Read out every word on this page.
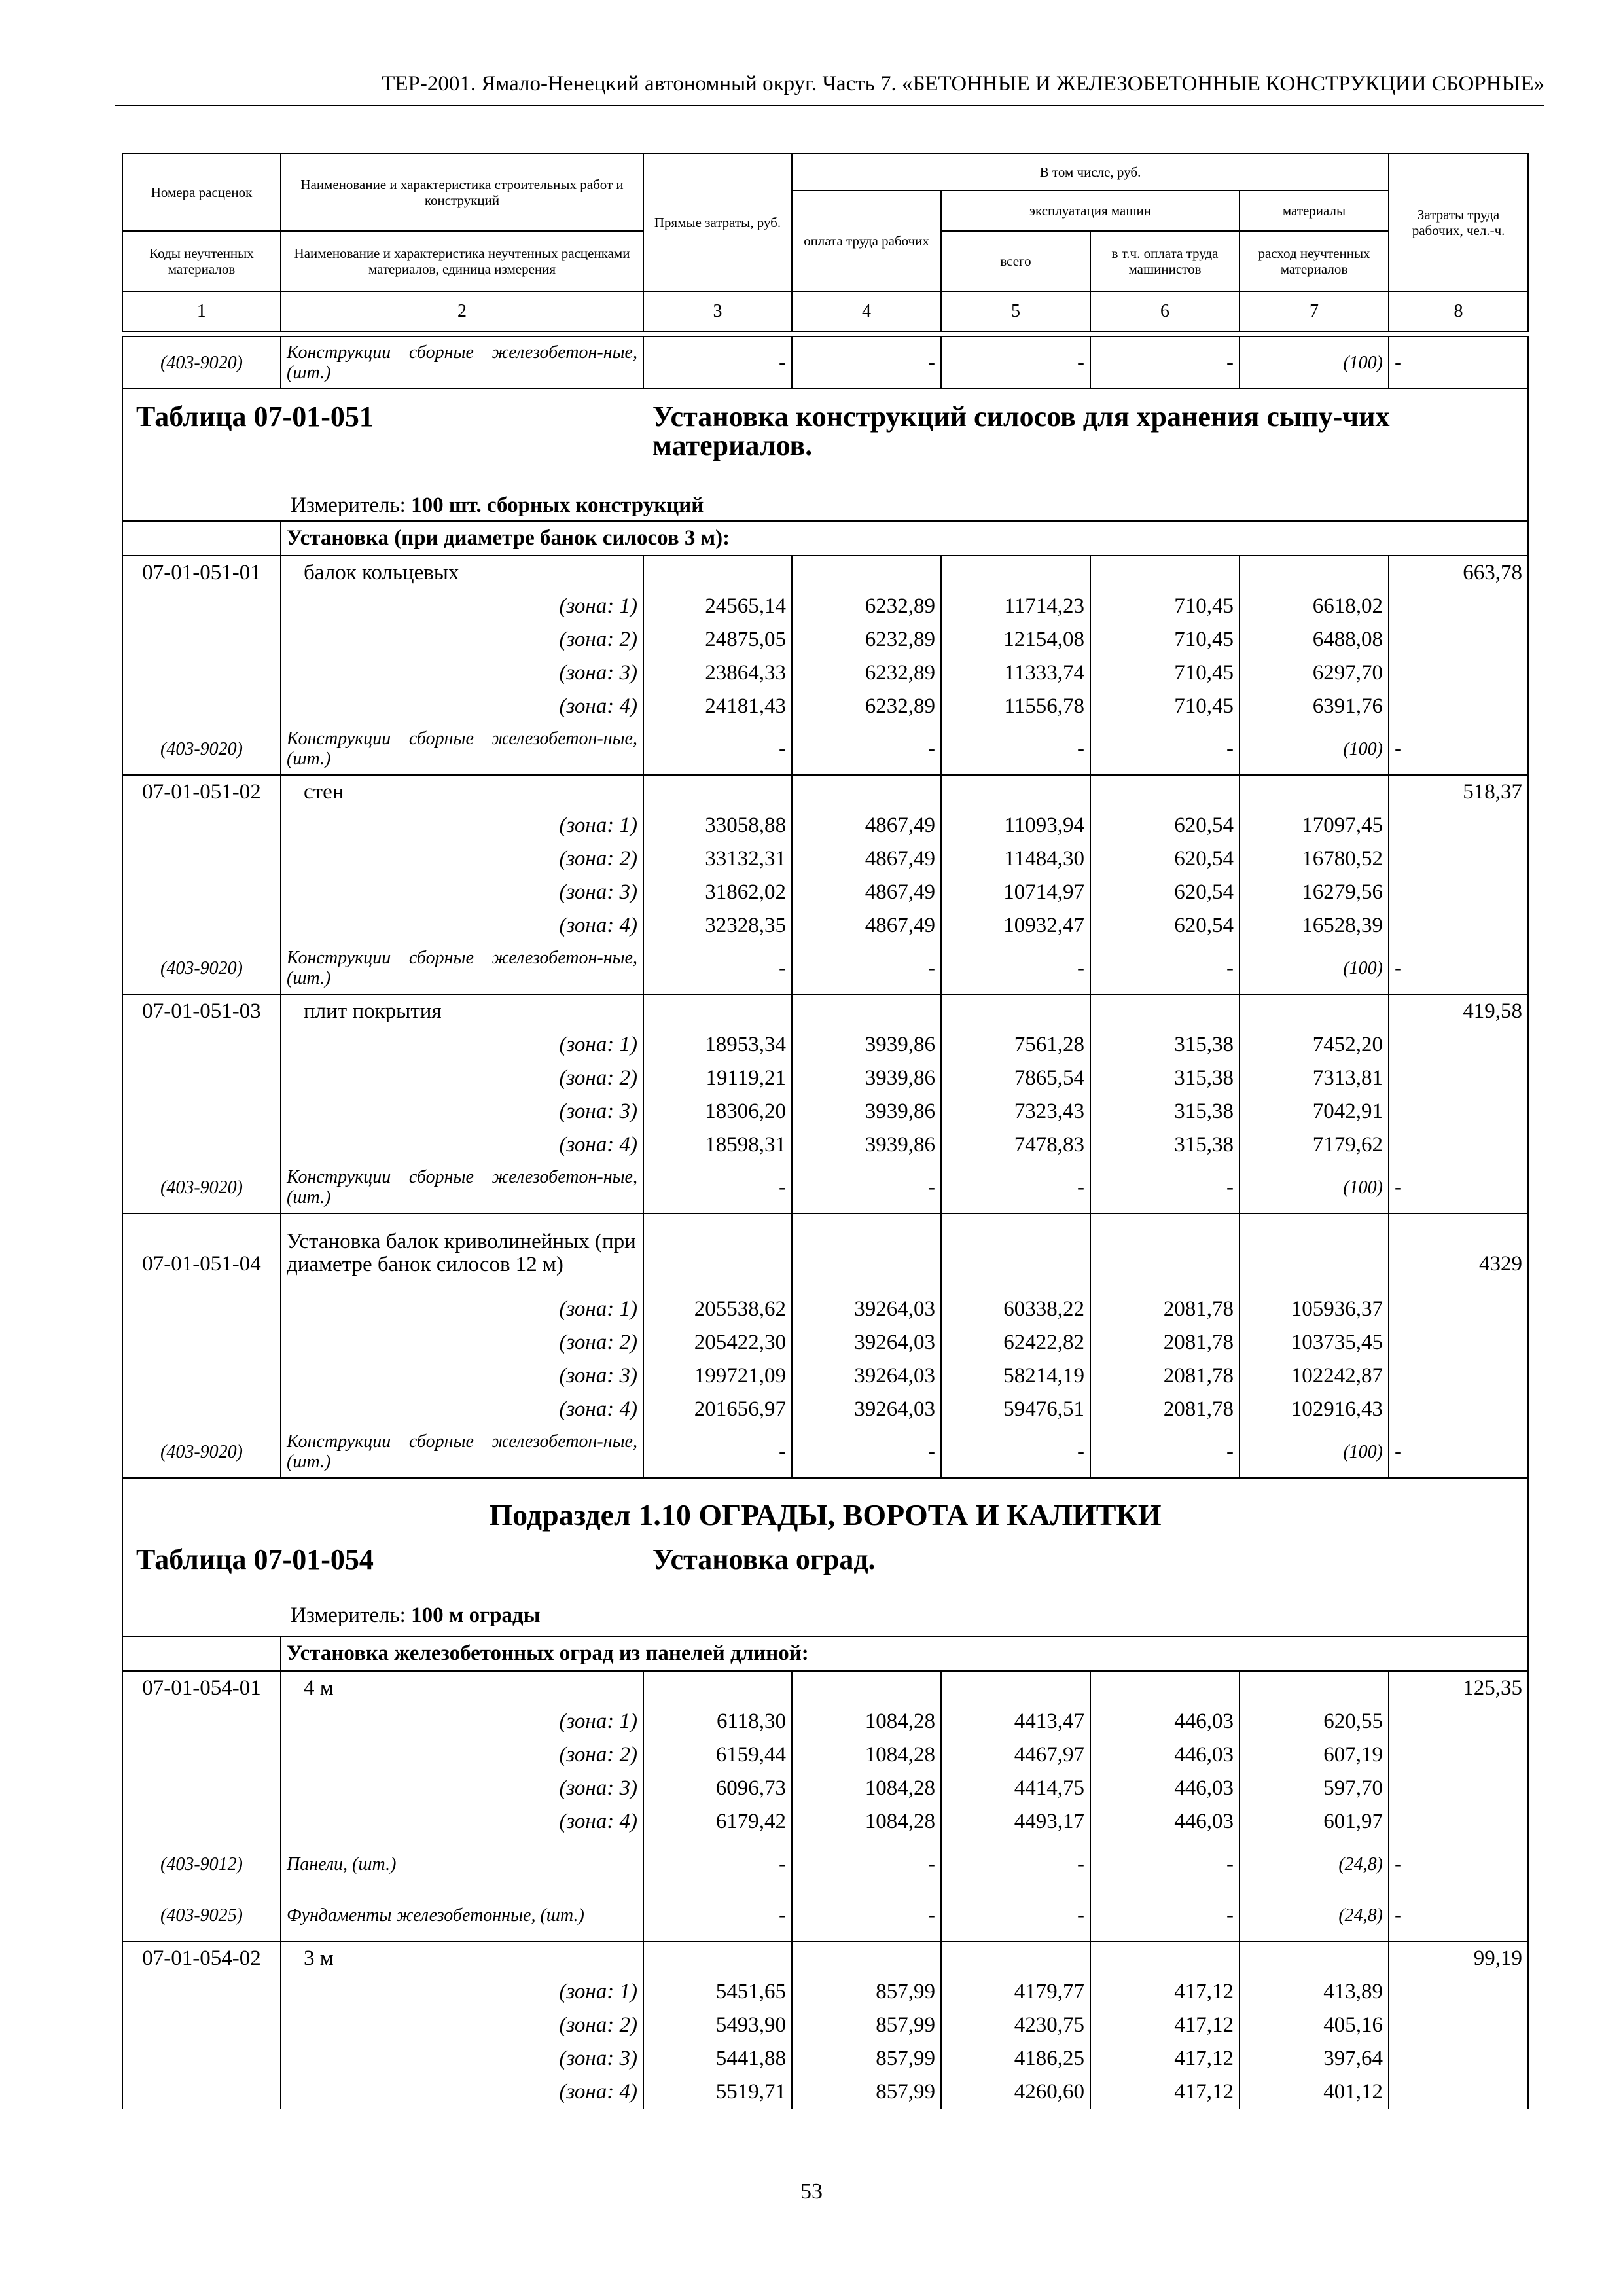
ТЕР-2001. Ямало-Ненецкий автономный округ. Часть 7. «БЕТОННЫЕ И ЖЕЛЕЗОБЕТОННЫЕ КОНСТРУКЦИИ СБОРНЫЕ»
Номера расценок	Наименование и характеристика строительных работ и конструкций	Прямые затраты, руб.	В том числе, руб.				Затраты труда рабочих, чел.-ч.
			оплата труда рабочих	эксплуатация машин		материалы	
Коды неучтенных материалов	Наименование и характеристика неучтенных расценками материалов, единица измерения			всего	в т.ч. оплата труда машинистов	расход неучтенных материалов	
1	2	3	4	5	6	7	8
(403-9020)	Конструкции сборные железобетон-ные, (шт.)	-	-	-	-	(100)	-

Таблица 07-01-051 Установка конструкций силосов для хранения сыпу-чих материалов.
Измеритель: 100 шт. сборных конструкций							

	Установка (при диаметре банок силосов 3 м):						
07-01-051-01	балок кольцевых						663,78
	(зона: 1)	24565,14	6232,89	11714,23	710,45	6618,02	
	(зона: 2)	24875,05	6232,89	12154,08	710,45	6488,08	
	(зона: 3)	23864,33	6232,89	11333,74	710,45	6297,70	
	(зона: 4)	24181,43	6232,89	11556,78	710,45	6391,76	
(403-9020)	Конструкции сборные железобетон-ные, (шт.)	-	-	-	-	(100)	-
07-01-051-02	стен						518,37
	(зона: 1)	33058,88	4867,49	11093,94	620,54	17097,45	
	(зона: 2)	33132,31	4867,49	11484,30	620,54	16780,52	
	(зона: 3)	31862,02	4867,49	10714,97	620,54	16279,56	
	(зона: 4)	32328,35	4867,49	10932,47	620,54	16528,39	
(403-9020)	Конструкции сборные железобетон-ные, (шт.)	-	-	-	-	(100)	-
07-01-051-03	плит покрытия						419,58
	(зона: 1)	18953,34	3939,86	7561,28	315,38	7452,20	
	(зона: 2)	19119,21	3939,86	7865,54	315,38	7313,81	
	(зона: 3)	18306,20	3939,86	7323,43	315,38	7042,91	
	(зона: 4)	18598,31	3939,86	7478,83	315,38	7179,62	
(403-9020)	Конструкции сборные железобетон-ные, (шт.)	-	-	-	-	(100)	-
07-01-051-04	Установка балок криволинейных (при диаметре банок силосов 12 м)						4329
	(зона: 1)	205538,62	39264,03	60338,22	2081,78	105936,37	
	(зона: 2)	205422,30	39264,03	62422,82	2081,78	103735,45	
	(зона: 3)	199721,09	39264,03	58214,19	2081,78	102242,87	
	(зона: 4)	201656,97	39264,03	59476,51	2081,78	102916,43	
(403-9020)	Конструкции сборные железобетон-ные, (шт.)	-	-	-	-	(100)	-

Подраздел 1.10 ОГРАДЫ, ВОРОТА И КАЛИТКИ
Таблица 07-01-054 Установка оград.
Измеритель: 100 м ограды							

	Установка железобетонных оград из панелей длиной:						
07-01-054-01	4 м						125,35
	(зона: 1)	6118,30	1084,28	4413,47	446,03	620,55	
	(зона: 2)	6159,44	1084,28	4467,97	446,03	607,19	
	(зона: 3)	6096,73	1084,28	4414,75	446,03	597,70	
	(зона: 4)	6179,42	1084,28	4493,17	446,03	601,97	
(403-9012)	Панели, (шт.)	-	-	-	-	(24,8)	-
(403-9025)	Фундаменты железобетонные, (шт.)	-	-	-	-	(24,8)	-
07-01-054-02	3 м						99,19
	(зона: 1)	5451,65	857,99	4179,77	417,12	413,89	
	(зона: 2)	5493,90	857,99	4230,75	417,12	405,16	
	(зона: 3)	5441,88	857,99	4186,25	417,12	397,64	
	(зона: 4)	5519,71	857,99	4260,60	417,12	401,12	
53
